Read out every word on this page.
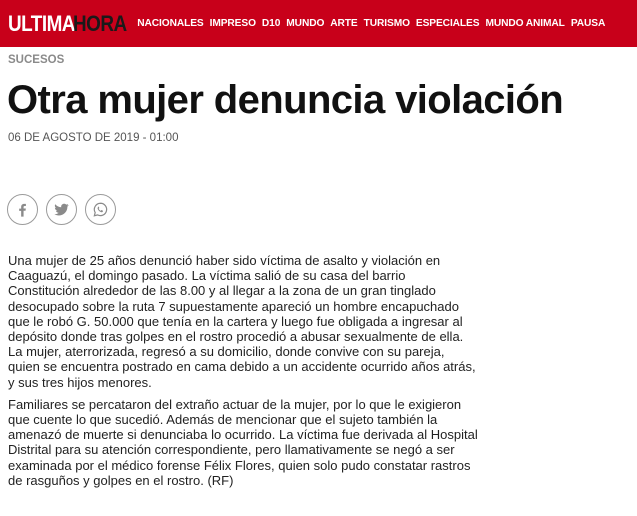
ULTIMA
HORA NACIONALES IMPRESO D10 MUNDO ARTE TURISMO ESPECIALES MUNDO ANIMAL PAUSA
SUCESOS
Otra mujer denuncia violación
06 DE AGOSTO DE 2019 - 01:00

Una mujer de 25 años denunció haber sido víctima de asalto y violación en Caaguazú, el domingo pasado. La víctima salió de su casa del barrio Constitución alrededor de las 8.00 y al llegar a la zona de un gran tinglado desocupado sobre la ruta 7 supuestamente apareció un hombre encapuchado que le robó G. 50.000 que tenía en la cartera y luego fue obligada a ingresar al depósito donde tras golpes en el rostro procedió a abusar sexualmente de ella. La mujer, aterrorizada, regresó a su domicilio, donde convive con su pareja, quien se encuentra postrado en cama debido a un accidente ocurrido años atrás, y sus tres hijos menores.

Familiares se percataron del extraño actuar de la mujer, por lo que le exigieron que cuente lo que sucedió. Además de mencionar que el sujeto también la amenazó de muerte si denunciaba lo ocurrido. La víctima fue derivada al Hospital Distrital para su atención correspondiente, pero llamativamente se negó a ser examinada por el médico forense Félix Flores, quien solo pudo constatar rastros de rasguños y golpes en el rostro. (RF)
